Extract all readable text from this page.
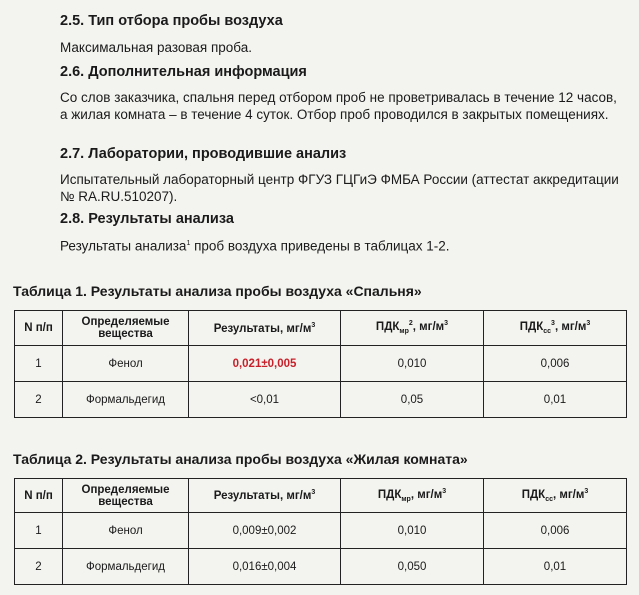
2.5. Тип отбора пробы воздуха
Максимальная разовая проба.
2.6. Дополнительная информация
Со слов заказчика, спальня перед отбором проб не проветривалась в течение 12 часов, а жилая комната – в течение 4 суток. Отбор проб проводился в закрытых помещениях.
2.7. Лаборатории, проводившие анализ
Испытательный лабораторный центр ФГУЗ ГЦГиЭ ФМБА России (аттестат аккредитации № RA.RU.510207).
2.8. Результаты анализа
Результаты анализа$^1$ проб воздуха приведены в таблицах 1-2.
Таблица 1. Результаты анализа пробы воздуха «Спальня»
N п/п	Определяемые вещества	Результаты, $мг/м^3$	$ПДК_{мр}^2$, $мг/м^3$	$ПДК_{сс}^3$, $мг/м^3$
1	Фенол	0,021±0,005	0,010	0,006
2	Формальдегид	<0,01	0,05	0,01
Таблица 2. Результаты анализа пробы воздуха «Жилая комната»
N п/п	Определяемые вещества	Результаты, $мг/м^3$	$ПДК_{мр}$, $мг/м^3$	$ПДК_{сс}$, $мг/м^3$
1	Фенол	0,009±0,002	0,010	0,006
2	Формальдегид	0,016±0,004	0,050	0,01
